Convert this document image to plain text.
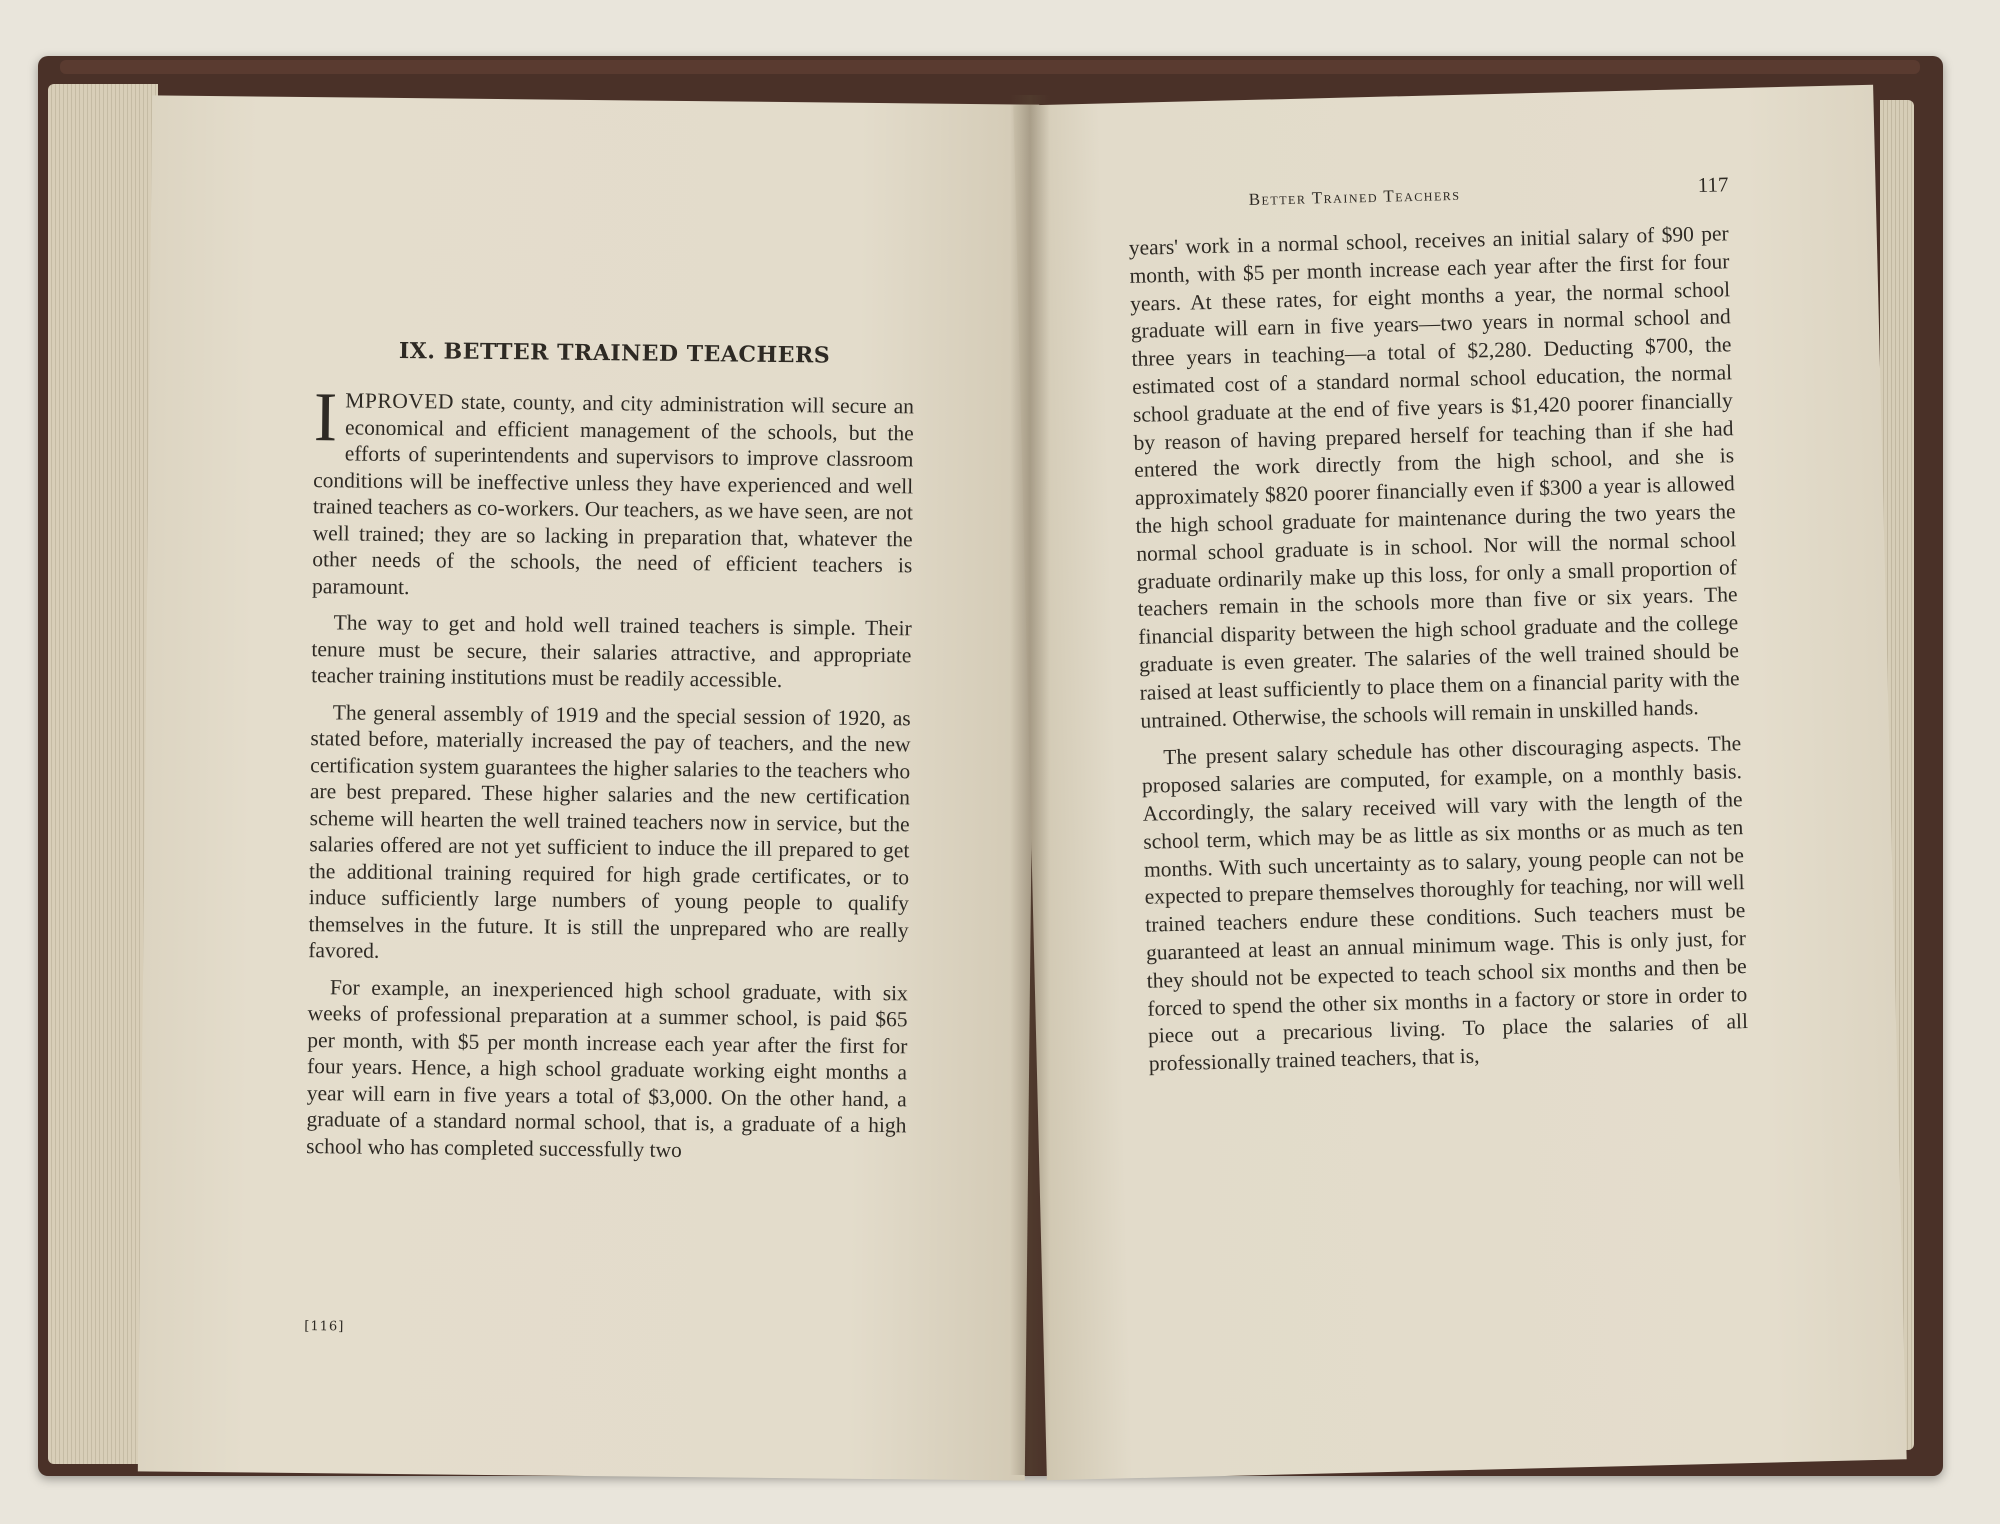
IX. BETTER TRAINED TEACHERS

IMPROVED state, county, and city administration will secure an economical and efficient management of the schools, but the efforts of superintendents and supervisors to improve classroom conditions will be ineffective unless they have experienced and well trained teachers as co-workers. Our teachers, as we have seen, are not well trained; they are so lacking in preparation that, whatever the other needs of the schools, the need of efficient teachers is paramount.

The way to get and hold well trained teachers is simple. Their tenure must be secure, their salaries attractive, and appropriate teacher training institutions must be readily accessible.

The general assembly of 1919 and the special session of 1920, as stated before, materially increased the pay of teachers, and the new certification system guarantees the higher salaries to the teachers who are best prepared. These higher salaries and the new certification scheme will hearten the well trained teachers now in service, but the salaries offered are not yet sufficient to induce the ill prepared to get the additional training required for high grade certificates, or to induce sufficiently large numbers of young people to qualify themselves in the future. It is still the unprepared who are really favored.

For example, an inexperienced high school graduate, with six weeks of professional preparation at a summer school, is paid $65 per month, with $5 per month increase each year after the first for four years. Hence, a high school graduate working eight months a year will earn in five years a total of $3,000. On the other hand, a graduate of a standard normal school, that is, a graduate of a high school who has completed successfully two

[116]
Better Trained Teachers	117

years' work in a normal school, receives an initial salary of $90 per month, with $5 per month increase each year after the first for four years. At these rates, for eight months a year, the normal school graduate will earn in five years—two years in normal school and three years in teaching—a total of $2,280. Deducting $700, the estimated cost of a standard normal school education, the normal school graduate at the end of five years is $1,420 poorer financially by reason of having prepared herself for teaching than if she had entered the work directly from the high school, and she is approximately $820 poorer financially even if $300 a year is allowed the high school graduate for maintenance during the two years the normal school graduate is in school. Nor will the normal school graduate ordinarily make up this loss, for only a small proportion of teachers remain in the schools more than five or six years. The financial disparity between the high school graduate and the college graduate is even greater. The salaries of the well trained should be raised at least sufficiently to place them on a financial parity with the untrained. Otherwise, the schools will remain in unskilled hands.

The present salary schedule has other discouraging aspects. The proposed salaries are computed, for example, on a monthly basis. Accordingly, the salary received will vary with the length of the school term, which may be as little as six months or as much as ten months. With such uncertainty as to salary, young people can not be expected to prepare themselves thoroughly for teaching, nor will well trained teachers endure these conditions. Such teachers must be guaranteed at least an annual minimum wage. This is only just, for they should not be expected to teach school six months and then be forced to spend the other six months in a factory or store in order to piece out a precarious living. To place the salaries of all professionally trained teachers, that is,
